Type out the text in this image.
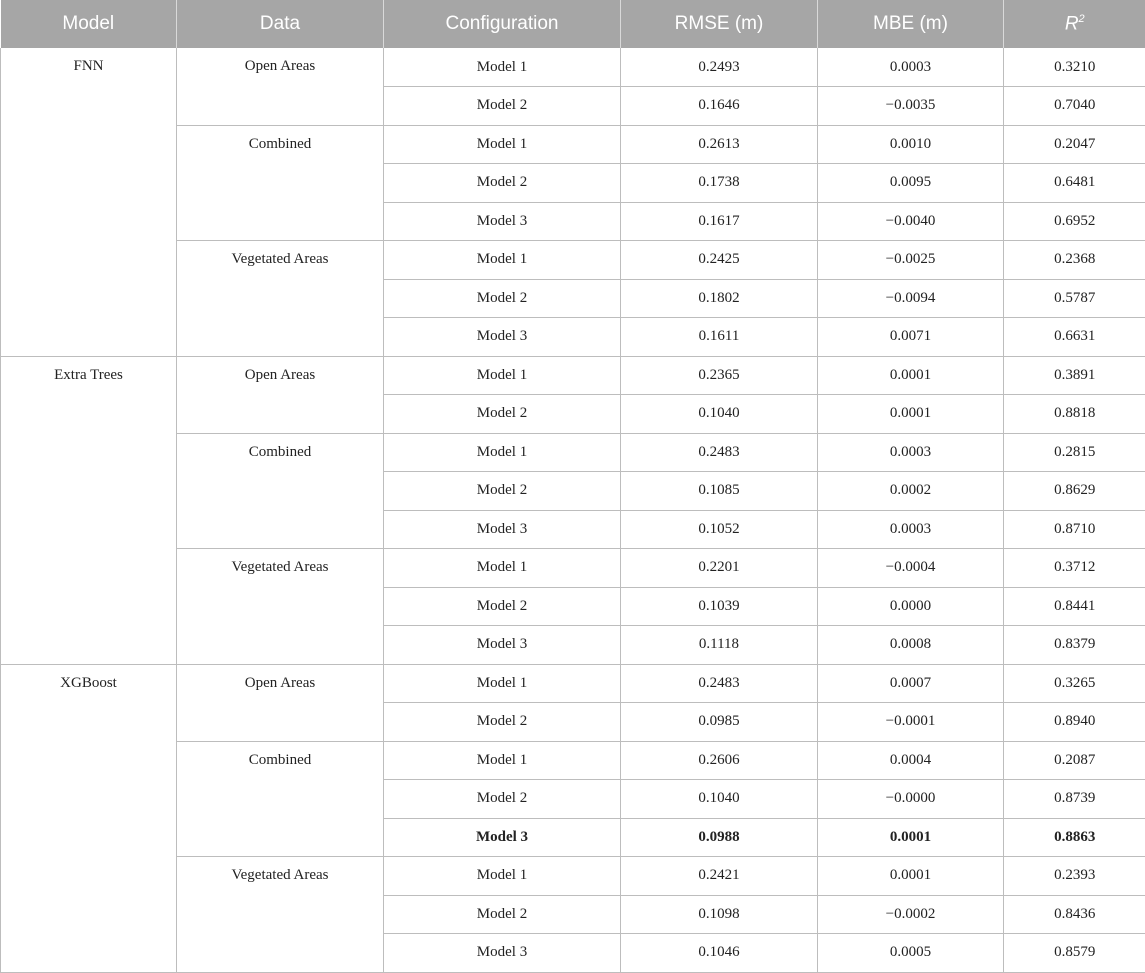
Model	Data	Configuration	RMSE (m)	MBE (m)	$R^2$
FNN	Open Areas	Model 1	0.2493	0.0003	0.3210
		Model 2	0.1646	−0.0035	0.7040
	Combined	Model 1	0.2613	0.0010	0.2047
		Model 2	0.1738	0.0095	0.6481
		Model 3	0.1617	−0.0040	0.6952
	Vegetated Areas	Model 1	0.2425	−0.0025	0.2368
		Model 2	0.1802	−0.0094	0.5787
		Model 3	0.1611	0.0071	0.6631
Extra Trees	Open Areas	Model 1	0.2365	0.0001	0.3891
		Model 2	0.1040	0.0001	0.8818
	Combined	Model 1	0.2483	0.0003	0.2815
		Model 2	0.1085	0.0002	0.8629
		Model 3	0.1052	0.0003	0.8710
	Vegetated Areas	Model 1	0.2201	−0.0004	0.3712
		Model 2	0.1039	0.0000	0.8441
		Model 3	0.1118	0.0008	0.8379
XGBoost	Open Areas	Model 1	0.2483	0.0007	0.3265
		Model 2	0.0985	−0.0001	0.8940
	Combined	Model 1	0.2606	0.0004	0.2087
		Model 2	0.1040	−0.0000	0.8739
		Model 3	0.0988	0.0001	0.8863
	Vegetated Areas	Model 1	0.2421	0.0001	0.2393
		Model 2	0.1098	−0.0002	0.8436
		Model 3	0.1046	0.0005	0.8579
